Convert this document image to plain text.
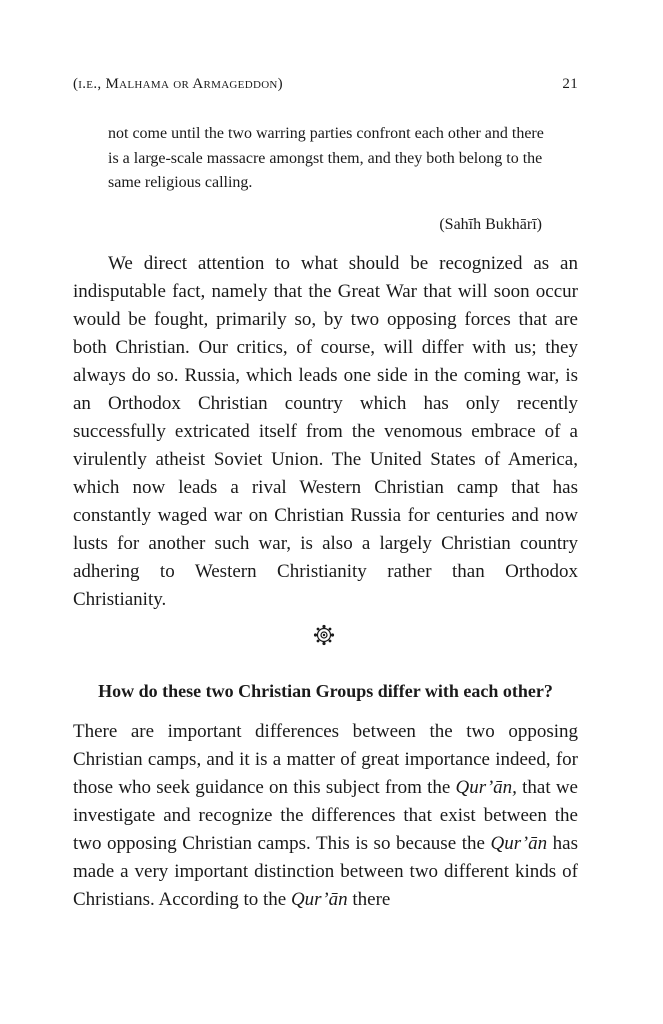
(i.e., Malhama or Armageddon)	21

not come until the two warring parties confront each other and there is a large-scale massacre amongst them, and they both belong to the same religious calling.

(Sahīh Bukhārī)

We direct attention to what should be recognized as an indisputable fact, namely that the Great War that will soon occur would be fought, primarily so, by two opposing forces that are both Christian. Our critics, of course, will differ with us; they always do so. Russia, which leads one side in the coming war, is an Orthodox Christian country which has only recently successfully extricated itself from the venomous embrace of a virulently atheist Soviet Union. The United States of America, which now leads a rival Western Christian camp that has constantly waged war on Christian Russia for centuries and now lusts for another such war, is also a largely Christian country adhering to Western Christianity rather than Orthodox Christianity.

How do these two Christian Groups differ with each other?

There are important differences between the two opposing Christian camps, and it is a matter of great importance indeed, for those who seek guidance on this subject from the Qur’ān, that we investigate and recognize the differences that exist between the two opposing Christian camps. This is so because the Qur’ān has made a very important distinction between two different kinds of Christians. According to the Qur’ān there
